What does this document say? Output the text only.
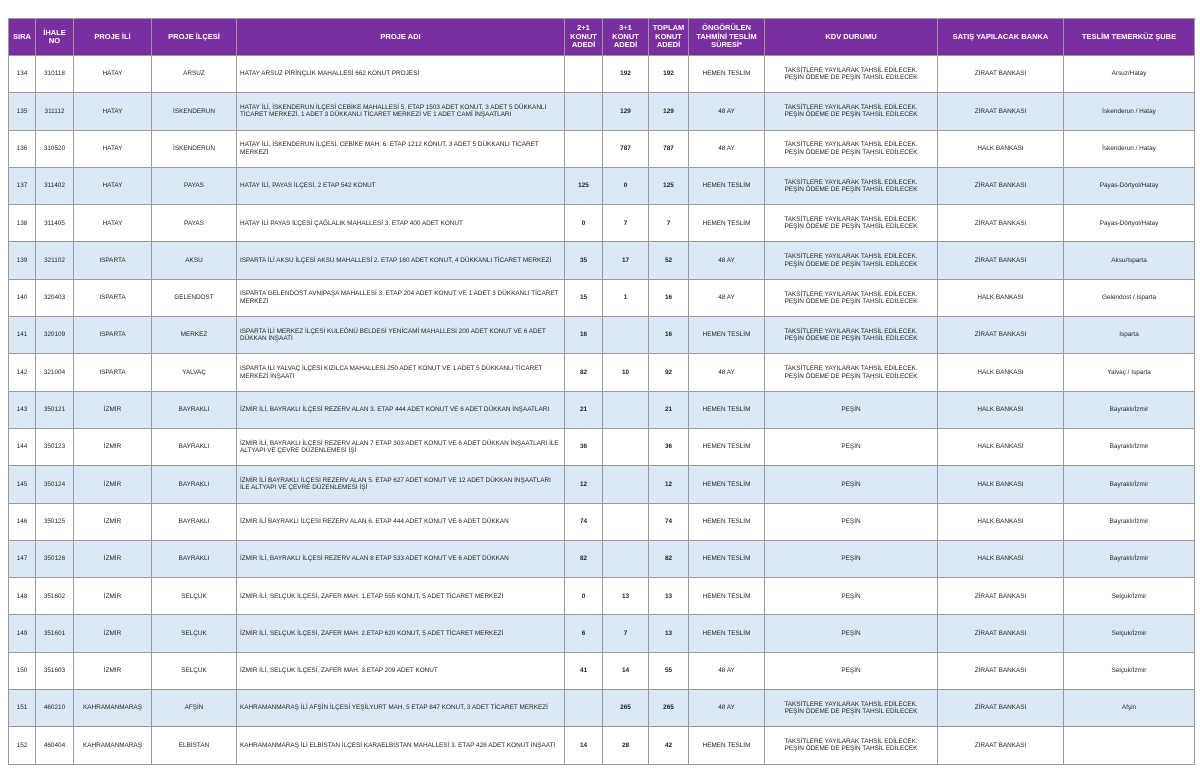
SIRA	İHALE NO	PROJE İLİ	PROJE İLÇESİ	PROJE ADI	2+1 KONUT ADEDİ	3+1 KONUT ADEDİ	TOPLAM KONUT ADEDİ	ÖNGÖRÜLEN TAHMİNİ TESLİM SÜRESİ*	KDV DURUMU	SATIŞ YAPILACAK BANKA	TESLİM TEMERKÜZ ŞUBE
134	310118	HATAY	ARSUZ	HATAY ARSUZ PİRİNÇLİK MAHALLESİ 662 KONUT PROJESİ		192	192	HEMEN TESLİM	TAKSİTLERE YAYILARAK TAHSİL EDİLECEK.
PEŞİN ÖDEME DE PEŞİN TAHSİL EDİLECEK	ZİRAAT BANKASI	Arsuz/Hatay
135	311112	HATAY	İSKENDERUN	HATAY İLİ, İSKENDERUN İLÇESİ CEBİKE MAHALLESİ 5. ETAP 1503 ADET KONUT, 3 ADET 5 DÜKKANLI TİCARET MERKEZİ, 1 ADET 3 DÜKKANLI TİCARET MERKEZİ VE 1 ADET CAMİ İNŞAATLARI		129	129	48 AY	TAKSİTLERE YAYILARAK TAHSİL EDİLECEK.
PEŞİN ÖDEME DE PEŞİN TAHSİL EDİLECEK	ZİRAAT BANKASI	İskenderun / Hatay
136	310520	HATAY	İSKENDERUN	HATAY İLİ, İSKENDERUN İLÇESİ, CEBİKE MAH. 6. ETAP 1212 KONUT, 3 ADET 5 DÜKKANLI TİCARET MERKEZİ		787	787	48 AY	TAKSİTLERE YAYILARAK TAHSİL EDİLECEK.
PEŞİN ÖDEME DE PEŞİN TAHSİL EDİLECEK	HALK BANKASI	İskenderun / Hatay
137	311402	HATAY	PAYAS	HATAY İLİ, PAYAS İLÇESİ, 2 ETAP 542 KONUT	125	0	125	HEMEN TESLİM	TAKSİTLERE YAYILARAK TAHSİL EDİLECEK.
PEŞİN ÖDEME DE PEŞİN TAHSİL EDİLECEK	ZİRAAT BANKASI	Payas-Dörtyol/Hatay
138	311405	HATAY	PAYAS	HATAY İLİ PAYAS İLÇESİ ÇAĞLALIK MAHALLESİ 3. ETAP 400 ADET KONUT	0	7	7	HEMEN TESLİM	TAKSİTLERE YAYILARAK TAHSİL EDİLECEK.
PEŞİN ÖDEME DE PEŞİN TAHSİL EDİLECEK	ZİRAAT BANKASI	Payas-Dörtyol/Hatay
139	321102	ISPARTA	AKSU	ISPARTA İLİ AKSU İLÇESİ AKSU MAHALLESİ 2. ETAP 160 ADET KONUT, 4 DÜKKANLI TİCARET MERKEZİ	35	17	52	48 AY	TAKSİTLERE YAYILARAK TAHSİL EDİLECEK.
PEŞİN ÖDEME DE PEŞİN TAHSİL EDİLECEK	ZİRAAT BANKASI	Aksu/Isparta
140	320403	ISPARTA	GELENDOST	ISPARTA GELENDOST AVNİPAŞA MAHALLESİ 3. ETAP 204 ADET KONUT VE 1 ADET 3 DÜKKANLI TİCARET MERKEZİ	15	1	16	48 AY	TAKSİTLERE YAYILARAK TAHSİL EDİLECEK.
PEŞİN ÖDEME DE PEŞİN TAHSİL EDİLECEK	HALK BANKASI	Gelendost / Isparta
141	320109	ISPARTA	MERKEZ	ISPARTA İLİ MERKEZ İLÇESİ KULEÖNÜ BELDESİ YENİCAMİ MAHALLESİ 200 ADET KONUT VE 6 ADET DÜKKAN İNŞAATI	16		16	HEMEN TESLİM	TAKSİTLERE YAYILARAK TAHSİL EDİLECEK.
PEŞİN ÖDEME DE PEŞİN TAHSİL EDİLECEK	ZİRAAT BANKASI	Isparta
142	321004	ISPARTA	YALVAÇ	ISPARTA İLİ YALVAÇ İLÇESİ KIZILCA MAHALLESİ 250 ADET KONUT VE 1 ADET 5 DÜKKANLI TİCARET MERKEZİ İNŞAATI	82	10	92	48 AY	TAKSİTLERE YAYILARAK TAHSİL EDİLECEK.
PEŞİN ÖDEME DE PEŞİN TAHSİL EDİLECEK	HALK BANKASI	Yalvaç / Isparta
143	350121	İZMİR	BAYRAKLI	İZMİR İLİ, BAYRAKLI İLÇESİ REZERV ALAN 3. ETAP 444 ADET KONUT VE 6 ADET DÜKKAN İNŞAATLARI	21		21	HEMEN TESLİM	PEŞİN	HALK BANKASI	Bayraklı/İzmir
144	350123	İZMİR	BAYRAKLI	İZMİR İLİ, BAYRAKLI İLÇESİ REZERV ALAN 7 ETAP 303 ADET KONUT VE 6 ADET DÜKKAN İNŞAATLARI İLE ALTYAPI VE ÇEVRE DÜZENLEMESİ İŞİ	36		36	HEMEN TESLİM	PEŞİN	HALK BANKASI	Bayraklı/İzmir
145	350124	İZMİR	BAYRAKLI	İZMİR İLİ BAYRAKLI İLÇESİ REZERV ALAN 5. ETAP 627 ADET KONUT VE 12 ADET DÜKKAN İNŞAATLARI İLE ALTYAPI VE ÇEVRE DÜZENLEMESİ İŞİ	12		12	HEMEN TESLİM	PEŞİN	HALK BANKASI	Bayraklı/İzmir
146	350125	İZMİR	BAYRAKLI	İZMİR İLİ BAYRAKLI İLÇESİ REZERV ALAN 6. ETAP 444 ADET KONUT VE 6 ADET DÜKKAN	74		74	HEMEN TESLİM	PEŞİN	HALK BANKASI	Bayraklı/İzmir
147	350126	İZMİR	BAYRAKLI	İZMİR İLİ, BAYRAKLI İLÇESİ REZERV ALAN 8 ETAP 533 ADET KONUT VE 6 ADET DÜKKAN	82		82	HEMEN TESLİM	PEŞİN	HALK BANKASI	Bayraklı/İzmir
148	351602	İZMİR	SELÇUK	İZMİR İLİ, SELÇUK İLÇESİ, ZAFER MAH. 1.ETAP 555 KONUT, 5 ADET TİCARET MERKEZİ	0	13	13	HEMEN TESLİM	PEŞİN	ZİRAAT BANKASI	Selçuk/İzmir
149	351601	İZMİR	SELÇUK	İZMİR İLİ, SELÇUK İLÇESİ, ZAFER MAH. 2.ETAP 620 KONUT, 5 ADET TİCARET MERKEZİ	6	7	13	HEMEN TESLİM	PEŞİN	ZİRAAT BANKASI	Selçuk/İzmir
150	351603	İZMİR	SELÇUK	İZMİR İLİ, SELÇUK İLÇESİ, ZAFER MAH. 3.ETAP 209 ADET KONUT	41	14	55	48 AY	PEŞİN	ZİRAAT BANKASI	Selçuk/İzmir
151	460210	KAHRAMANMARAŞ	AFŞİN	KAHRAMANMARAŞ İLİ AFŞİN İLÇESİ YEŞİLYURT MAH. 5 ETAP 847 KONUT, 3 ADET TİCARET MERKEZİ		265	265	48 AY	TAKSİTLERE YAYILARAK TAHSİL EDİLECEK.
PEŞİN ÖDEME DE PEŞİN TAHSİL EDİLECEK	ZİRAAT BANKASI	Afşin
152	460404	KAHRAMANMARAŞ	ELBİSTAN	KAHRAMANMARAŞ İLİ ELBİSTAN İLÇESİ KARAELBİSTAN MAHALLESİ 3. ETAP 428 ADET KONUT İNŞAATI	14	28	42	HEMEN TESLİM	TAKSİTLERE YAYILARAK TAHSİL EDİLECEK.
PEŞİN ÖDEME DE PEŞİN TAHSİL EDİLECEK	ZİRAAT BANKASI	
